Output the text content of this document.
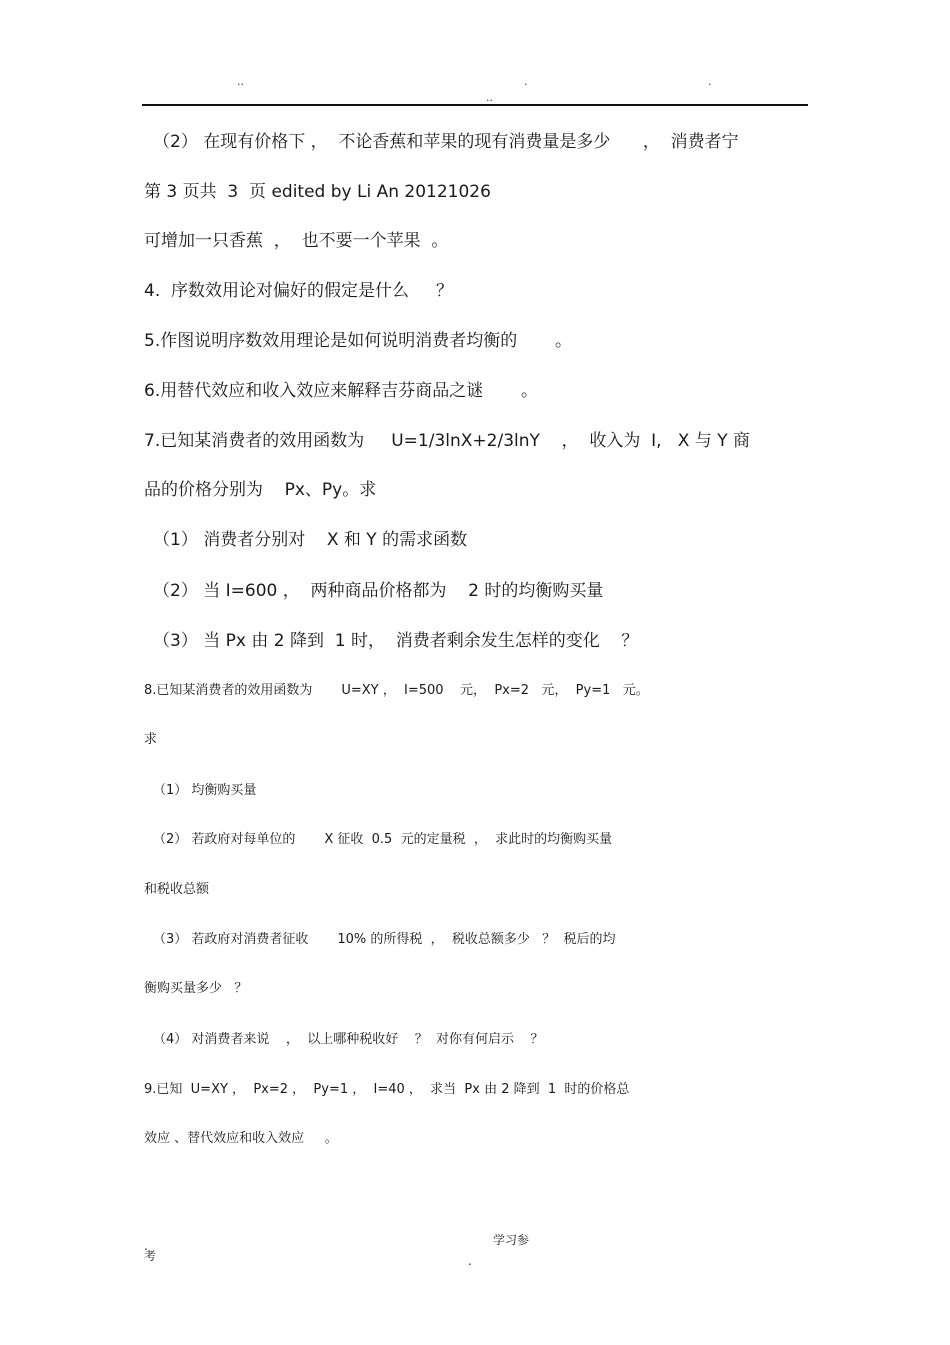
..	.	.
..
（2） 在现有价格下 ，  不论香蕉和苹果的现有消费量是多少      ，  消费者宁
第 3 页共  3  页 edited by Li An 20121026
可增加一只香蕉  ，  也不要一个苹果  。
4.  序数效用论对偏好的假定是什么     ？
5.作图说明序数效用理论是如何说明消费者均衡的       。
6.用替代效应和收入效应来解释吉芬商品之谜       。
7.已知某消费者的效用函数为     U=1/3lnX+2/3lnY    ，  收入为  I,   X 与 Y 商
品的价格分别为    Px、Py。求
（1） 消费者分别对    X 和 Y 的需求函数
（2） 当 I=600 ，  两种商品价格都为    2 时的均衡购买量
（3） 当 Px 由 2 降到  1 时，  消费者剩余发生怎样的变化    ？
8.已知某消费者的效用函数为       U=XY ，  I=500    元，  Px=2   元，  Py=1   元。
求
（1） 均衡购买量
（2） 若政府对每单位的       X 征收  0.5  元的定量税  ，  求此时的均衡购买量
和税收总额
（3） 若政府对消费者征收       10% 的所得税  ，  税收总额多少   ？  税后的均
衡购买量多少   ？
（4） 对消费者来说    ，  以上哪种税收好    ？  对你有何启示    ？
9.已知  U=XY ，  Px=2 ，  Py=1 ，  I=40 ，  求当  Px 由 2 降到  1  时的价格总
效应 、替代效应和收入效应     。
.	学习参
考	.
